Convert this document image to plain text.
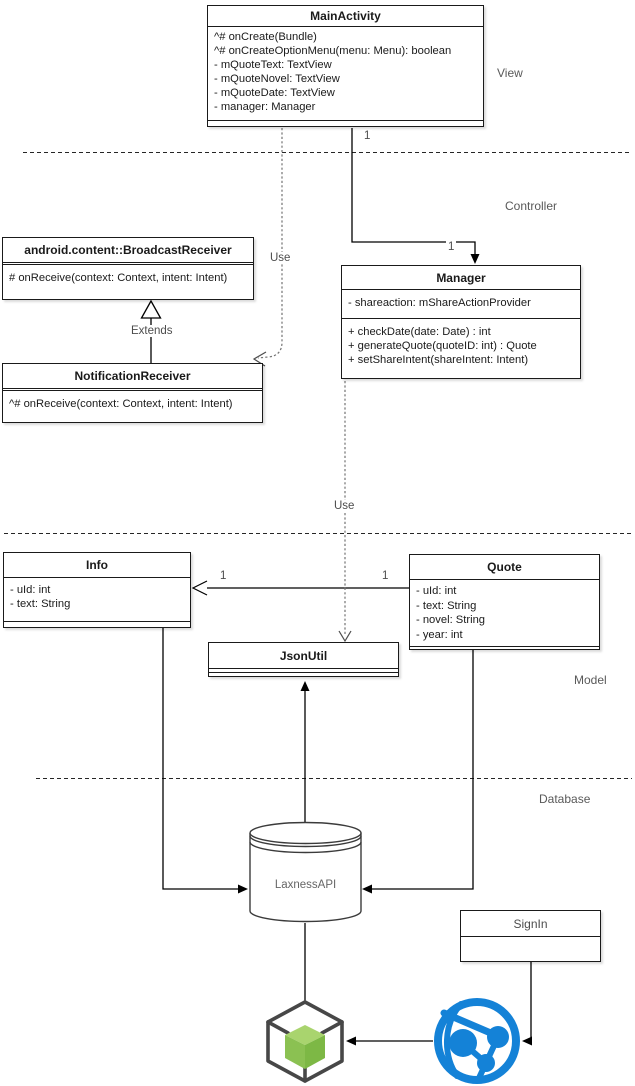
MainActivity
^# onCreate(Bundle)
^# onCreateOptionMenu(menu: Menu): boolean
- mQuoteText: TextView
- mQuoteNovel: TextView
- mQuoteDate: TextView
- manager: Manager
android.content::BroadcastReceiver
# onReceive(context: Context, intent: Intent)
NotificationReceiver
^# onReceive(context: Context, intent: Intent)
Manager
- shareaction: mShareActionProvider
+ checkDate(date: Date) : int
+ generateQuote(quoteID: int) : Quote
+ setShareIntent(shareIntent: Intent)
Info
- uId: int
- text: String
Quote
- uId: int
- text: String
- novel: String
- year: int
JsonUtil
SignIn
LaxnessAPI
View
Controller
Model
Database
1
1
Use
Extends
Use
1	1
